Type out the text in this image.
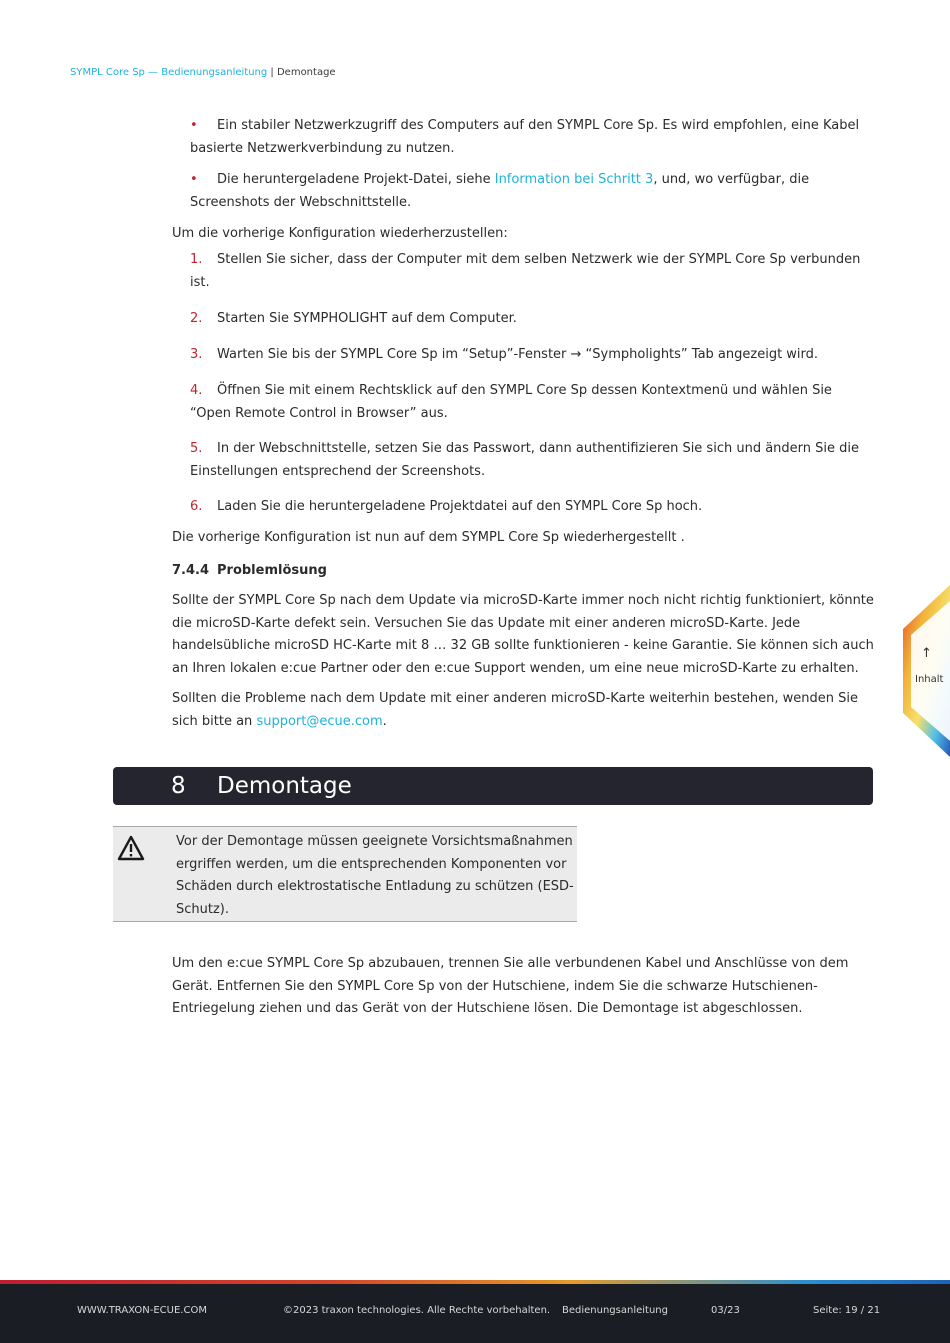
SYMPL Core Sp — Bedienungsanleitung | Demontage
• Ein stabiler Netzwerkzugriff des Computers auf den SYMPL Core Sp. Es wird empfohlen, eine Kabel basierte Netzwerkverbindung zu nutzen.
• Die heruntergeladene Projekt-Datei, siehe Information bei Schritt 3, und, wo verfügbar, die Screenshots der Webschnittstelle.
Um die vorherige Konfiguration wiederherzustellen:
1. Stellen Sie sicher, dass der Computer mit dem selben Netzwerk wie der SYMPL Core Sp verbunden ist.
2. Starten Sie SYMPHOLIGHT auf dem Computer.
3. Warten Sie bis der SYMPL Core Sp im “Setup”-Fenster → “Sympholights” Tab angezeigt wird.
4. Öffnen Sie mit einem Rechtsklick auf den SYMPL Core Sp dessen Kontextmenü und wählen Sie “Open Remote Control in Browser” aus.
5. In der Webschnittstelle, setzen Sie das Passwort, dann authentifizieren Sie sich und ändern Sie die Einstellungen entsprechend der Screenshots.
6. Laden Sie die heruntergeladene Projektdatei auf den SYMPL Core Sp hoch.
Die vorherige Konfiguration ist nun auf dem SYMPL Core Sp wiederhergestellt .
7.4.4 Problemlösung
Sollte der SYMPL Core Sp nach dem Update via microSD-Karte immer noch nicht richtig funktioniert, könnte die microSD-Karte defekt sein. Versuchen Sie das Update mit einer anderen microSD-Karte. Jede handelsübliche microSD HC-Karte mit 8 … 32 GB sollte funktionieren - keine Garantie. Sie können sich auch an Ihren lokalen e:cue Partner oder den e:cue Support wenden, um eine neue microSD-Karte zu erhalten.
Sollten die Probleme nach dem Update mit einer anderen microSD-Karte weiterhin bestehen, wenden Sie sich bitte an support@ecue.com.
8 Demontage
Vor der Demontage müssen geeignete Vorsichtsmaßnahmen ergriffen werden, um die entsprechenden Komponenten vor Schäden durch elektrostatische Entladung zu schützen (ESD-Schutz).
Um den e:cue SYMPL Core Sp abzubauen, trennen Sie alle verbundenen Kabel und Anschlüsse von dem Gerät. Entfernen Sie den SYMPL Core Sp von der Hutschiene, indem Sie die schwarze Hutschienen-Entriegelung ziehen und das Gerät von der Hutschiene lösen. Die Demontage ist abgeschlossen.
↑
Inhalt
WWW.TRAXON-ECUE.COM	©2023 traxon technologies. Alle Rechte vorbehalten. Bedienungsanleitung	03/23	Seite: 19 / 21
